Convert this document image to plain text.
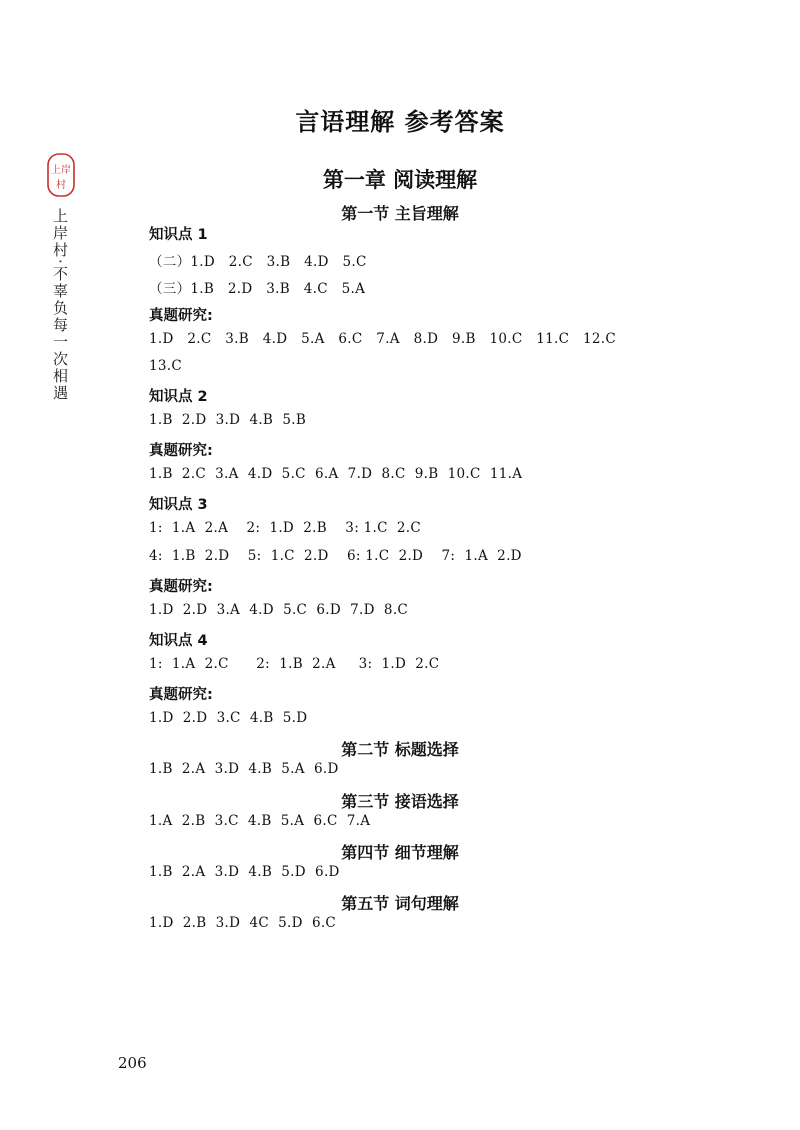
上岸
村
上岸村·不辜负每一次相遇
言语理解 参考答案
第一章 阅读理解
第一节 主旨理解
知识点 1
（二）1.D   2.C   3.B   4.D   5.C
（三）1.B   2.D   3.B   4.C   5.A
真题研究:
1.D   2.C   3.B   4.D   5.A   6.C   7.A   8.D   9.B   10.C   11.C   12.C
13.C
知识点 2
1.B  2.D  3.D  4.B  5.B
真题研究:
1.B  2.C  3.A  4.D  5.C  6.A  7.D  8.C  9.B  10.C  11.A
知识点 3
1:  1.A  2.A    2:  1.D  2.B    3: 1.C  2.C
4:  1.B  2.D    5:  1.C  2.D    6: 1.C  2.D    7:  1.A  2.D
真题研究:
1.D  2.D  3.A  4.D  5.C  6.D  7.D  8.C
知识点 4
1:  1.A  2.C      2:  1.B  2.A     3:  1.D  2.C
真题研究:
1.D  2.D  3.C  4.B  5.D
第二节 标题选择
1.B  2.A  3.D  4.B  5.A  6.D
第三节 接语选择
1.A  2.B  3.C  4.B  5.A  6.C  7.A
第四节 细节理解
1.B  2.A  3.D  4.B  5.D  6.D
第五节 词句理解
1.D  2.B  3.D  4C  5.D  6.C
206
